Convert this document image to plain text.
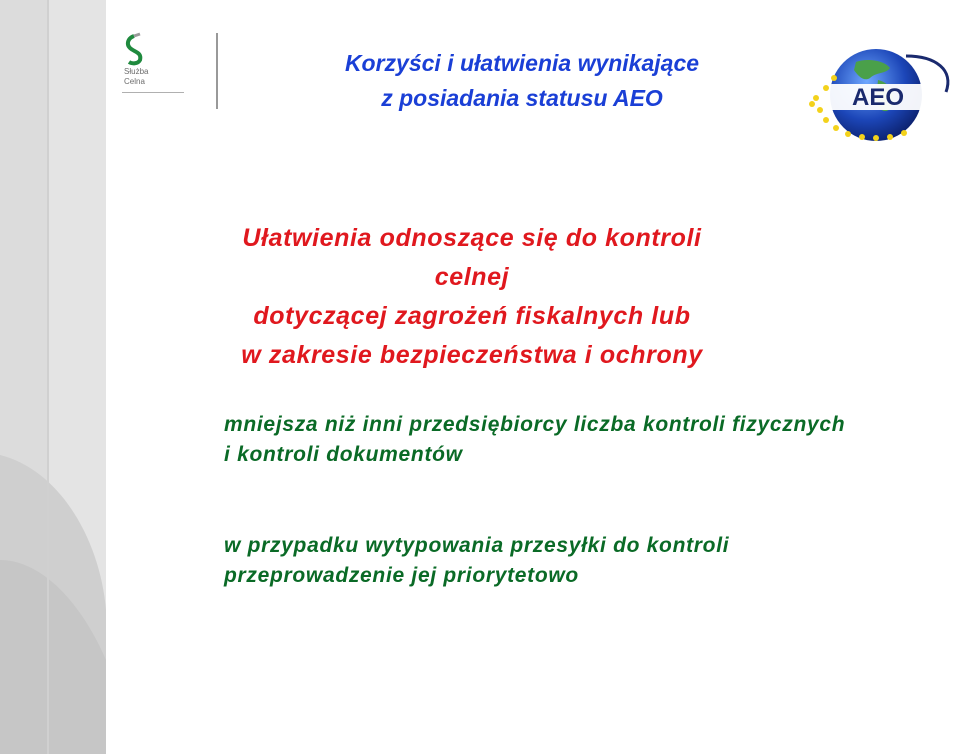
Służba
Celna
Korzyści i ułatwienia wynikające
z posiadania statusu AEO	AEO
Ułatwienia odnoszące się do kontroli celnej
dotyczącej zagrożeń fiskalnych lub
w zakresie bezpieczeństwa i ochrony
mniejsza niż inni przedsiębiorcy liczba kontroli fizycznych
i kontroli dokumentów
w przypadku wytypowania przesyłki do kontroli
przeprowadzenie jej priorytetowo
